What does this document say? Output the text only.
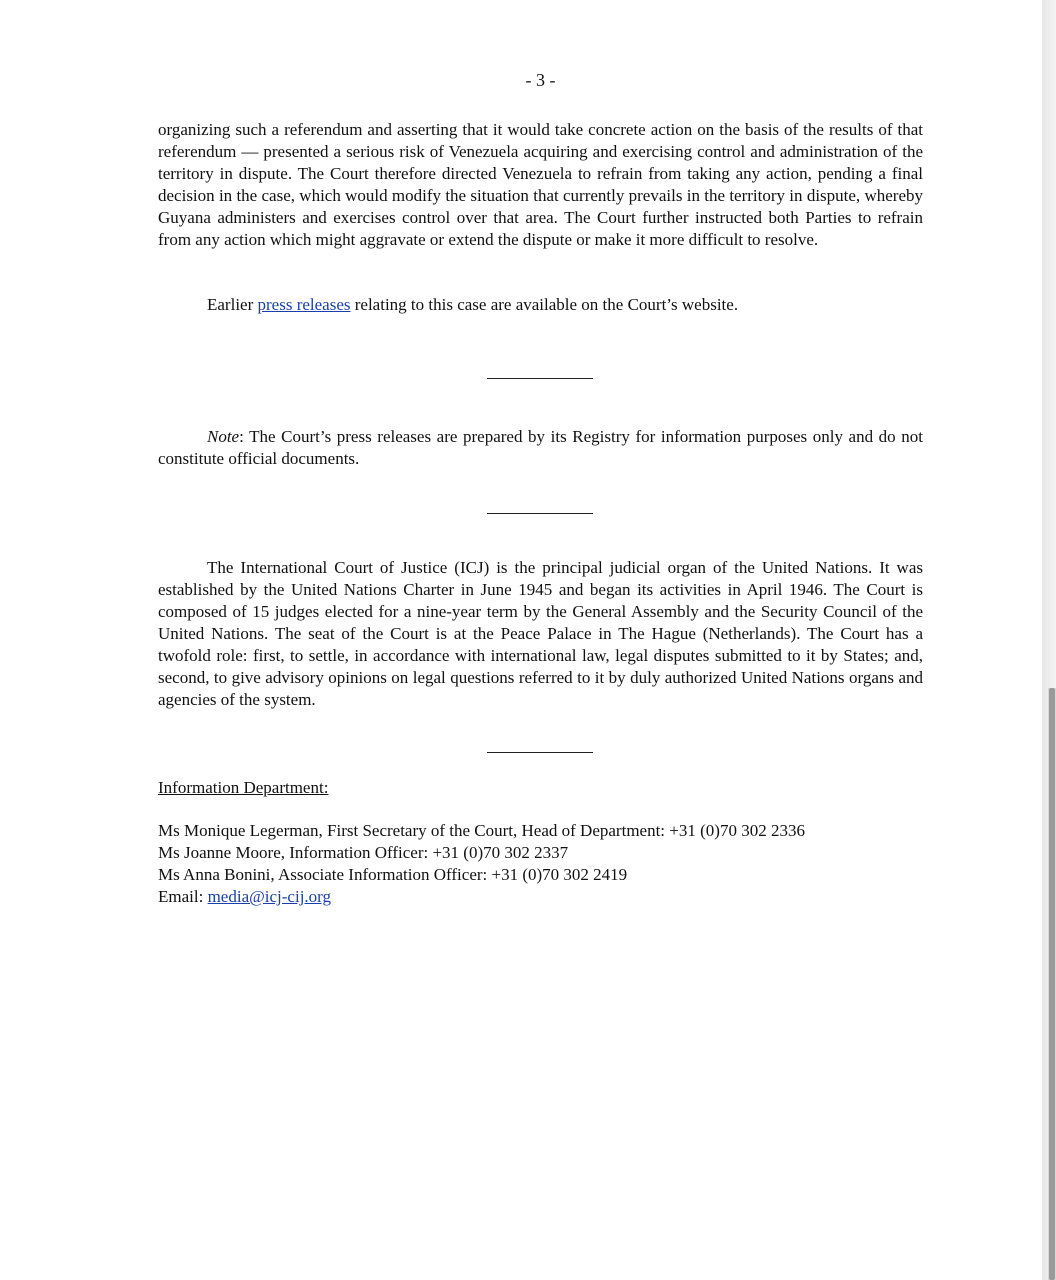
- 3 -
organizing such a referendum and asserting that it would take concrete action on the basis of the results of that referendum — presented a serious risk of Venezuela acquiring and exercising control and administration of the territory in dispute. The Court therefore directed Venezuela to refrain from taking any action, pending a final decision in the case, which would modify the situation that currently prevails in the territory in dispute, whereby Guyana administers and exercises control over that area. The Court further instructed both Parties to refrain from any action which might aggravate or extend the dispute or make it more difficult to resolve.
Earlier press releases relating to this case are available on the Court’s website.
Note: The Court’s press releases are prepared by its Registry for information purposes only and do not constitute official documents.
The International Court of Justice (ICJ) is the principal judicial organ of the United Nations. It was established by the United Nations Charter in June 1945 and began its activities in April 1946. The Court is composed of 15 judges elected for a nine-year term by the General Assembly and the Security Council of the United Nations. The seat of the Court is at the Peace Palace in The Hague (Netherlands). The Court has a twofold role: first, to settle, in accordance with international law, legal disputes submitted to it by States; and, second, to give advisory opinions on legal questions referred to it by duly authorized United Nations organs and agencies of the system.
Information Department:
Ms Monique Legerman, First Secretary of the Court, Head of Department: +31 (0)70 302 2336
Ms Joanne Moore, Information Officer: +31 (0)70 302 2337
Ms Anna Bonini, Associate Information Officer: +31 (0)70 302 2419
Email: media@icj-cij.org
